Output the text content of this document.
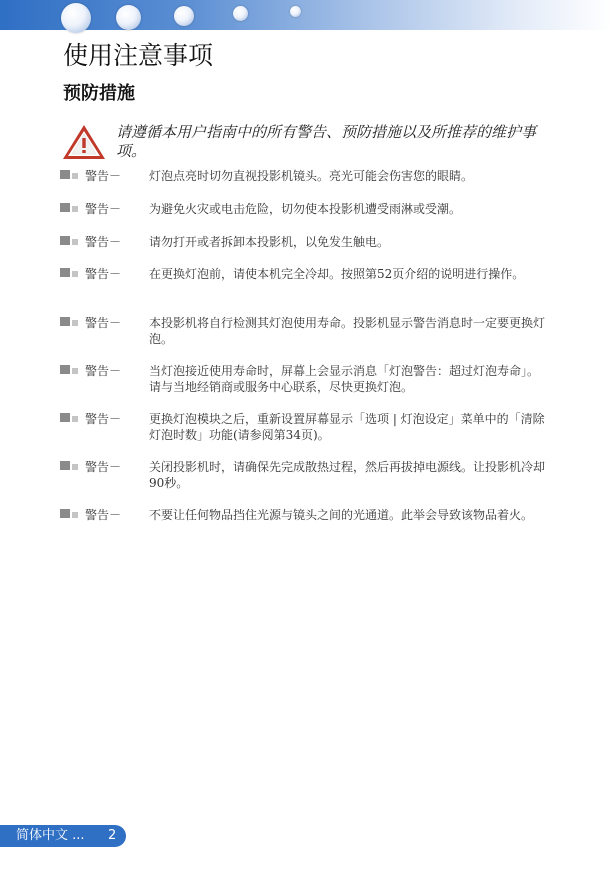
使用注意事项
预防措施
请遵循本用户指南中的所有警告、预防措施以及所推荐的维护事项。
警告－ 灯泡点亮时切勿直视投影机镜头。亮光可能会伤害您的眼睛。
警告－ 为避免火灾或电击危险，切勿使本投影机遭受雨淋或受潮。
警告－ 请勿打开或者拆卸本投影机，以免发生触电。
警告－ 在更换灯泡前，请使本机完全冷却。按照第52页介绍的说明进行操作。
警告－ 本投影机将自行检测其灯泡使用寿命。投影机显示警告消息时一定要更换灯泡。
警告－ 当灯泡接近使用寿命时，屏幕上会显示消息「灯泡警告：超过灯泡寿命」。请与当地经销商或服务中心联系，尽快更换灯泡。
警告－ 更换灯泡模块之后，重新设置屏幕显示「选项 | 灯泡设定」菜单中的「清除灯泡时数」功能(请参阅第34页)。
警告－ 关闭投影机时，请确保先完成散热过程，然后再拔掉电源线。让投影机冷却90秒。
警告－ 不要让任何物品挡住光源与镜头之间的光通道。此举会导致该物品着火。
简体中文 ... 2
